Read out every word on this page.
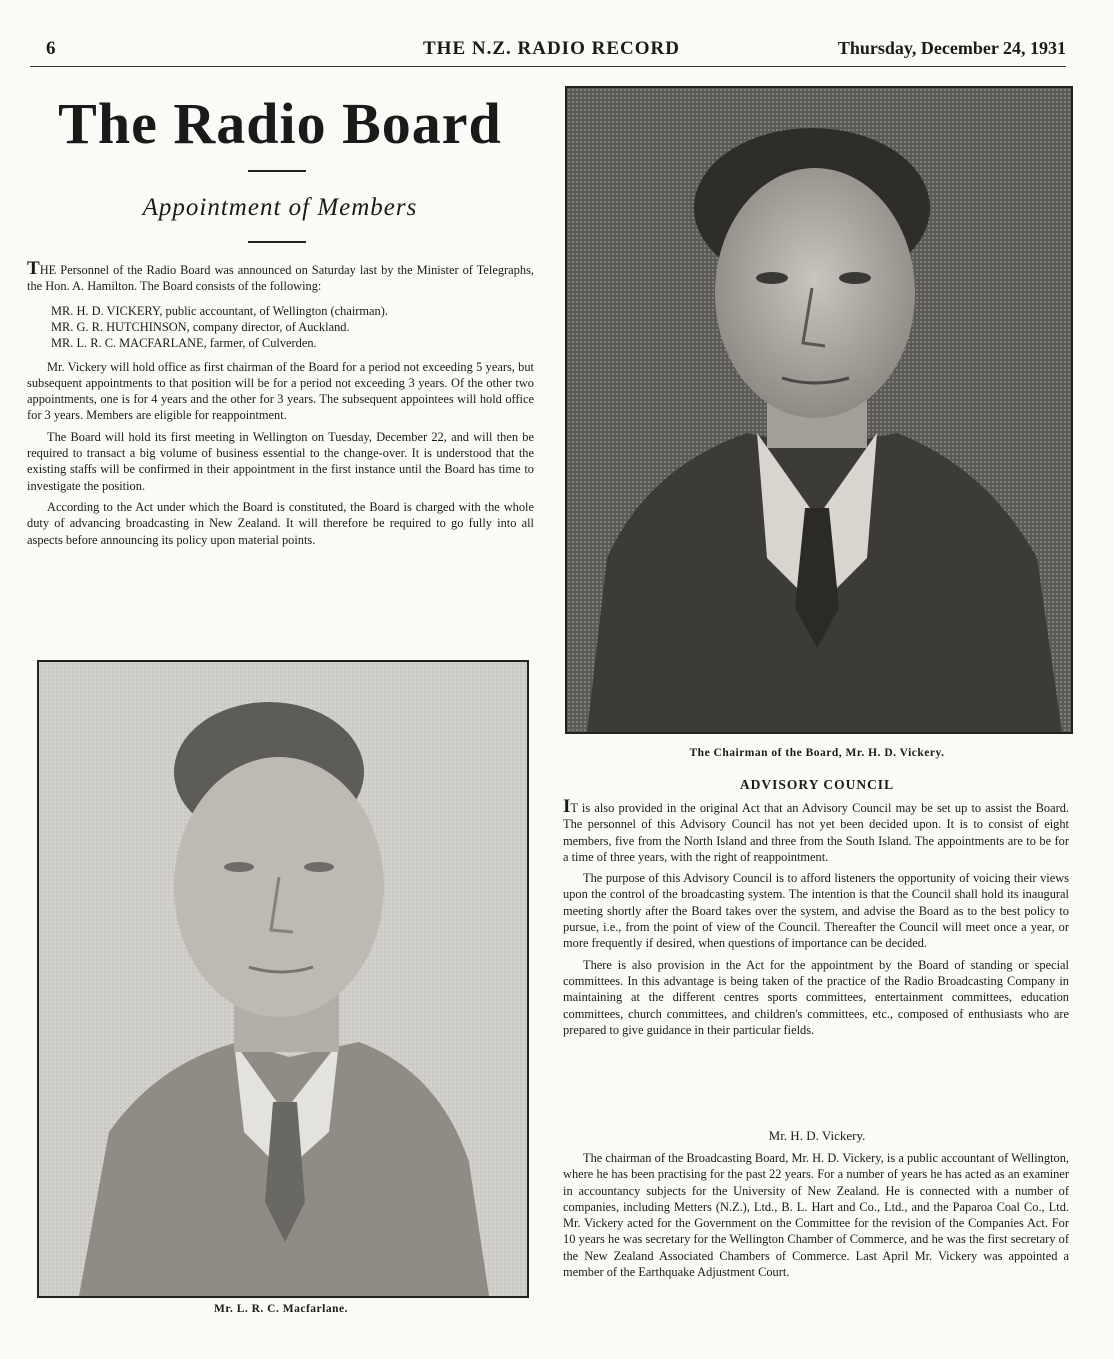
6	THE N.Z. RADIO RECORD	Thursday, December 24, 1931
The Radio Board
Appointment of Members

THE Personnel of the Radio Board was announced on Saturday last by the Minister of Telegraphs, the Hon. A. Hamilton. The Board consists of the following:

MR. H. D. VICKERY, public accountant, of Wellington (chairman).
MR. G. R. HUTCHINSON, company director, of Auckland.
MR. L. R. C. MACFARLANE, farmer, of Culverden.

Mr. Vickery will hold office as first chairman of the Board for a period not exceeding 5 years, but subsequent appointments to that position will be for a period not exceeding 3 years. Of the other two appointments, one is for 4 years and the other for 3 years. The subsequent appointees will hold office for 3 years. Members are eligible for reappointment.

The Board will hold its first meeting in Wellington on Tuesday, December 22, and will then be required to transact a big volume of business essential to the change-over. It is understood that the existing staffs will be confirmed in their appointment in the first instance until the Board has time to investigate the position.

According to the Act under which the Board is constituted, the Board is charged with the whole duty of advancing broadcasting in New Zealand. It will therefore be required to go fully into all aspects before announcing its policy upon material points.

The Chairman of the Board, Mr. H. D. Vickery.
ADVISORY COUNCIL

IT is also provided in the original Act that an Advisory Council may be set up to assist the Board. The personnel of this Advisory Council has not yet been decided upon. It is to consist of eight members, five from the North Island and three from the South Island. The appointments are to be for a time of three years, with the right of reappointment.

The purpose of this Advisory Council is to afford listeners the opportunity of voicing their views upon the control of the broadcasting system. The intention is that the Council shall hold its inaugural meeting shortly after the Board takes over the system, and advise the Board as to the best policy to pursue, i.e., from the point of view of the Council. Thereafter the Council will meet once a year, or more frequently if desired, when questions of importance can be decided.

There is also provision in the Act for the appointment by the Board of standing or special committees. In this advantage is being taken of the practice of the Radio Broadcasting Company in maintaining at the different centres sports committees, entertainment committees, education committees, church committees, and children's committees, etc., composed of enthusiasts who are prepared to give guidance in their particular fields.

Mr. H. D. Vickery.

The chairman of the Broadcasting Board, Mr. H. D. Vickery, is a public accountant of Wellington, where he has been practising for the past 22 years. For a number of years he has acted as an examiner in accountancy subjects for the University of New Zealand. He is connected with a number of companies, including Metters (N.Z.), Ltd., B. L. Hart and Co., Ltd., and the Paparoa Coal Co., Ltd. Mr. Vickery acted for the Government on the Committee for the revision of the Companies Act. For 10 years he was secretary for the Wellington Chamber of Commerce, and he was the first secretary of the New Zealand Associated Chambers of Commerce. Last April Mr. Vickery was appointed a member of the Earthquake Adjustment Court.

Mr. L. R. C. Macfarlane.
